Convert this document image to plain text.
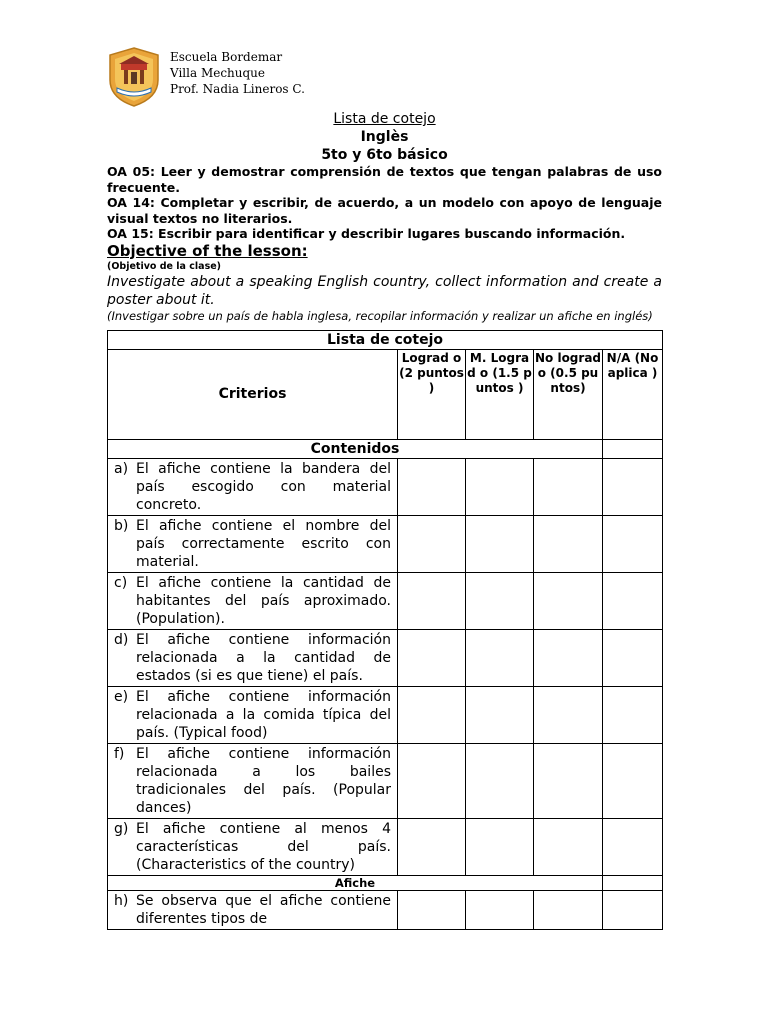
Escuela Bordemar
Villa Mechuque
Prof. Nadia Lineros C.
Lista de cotejo
Inglès
5to y 6to básico

OA 05: Leer y demostrar comprensión de textos que tengan palabras de uso frecuente.

OA 14: Completar y escribir, de acuerdo, a un modelo con apoyo de lenguaje visual textos no literarios.

OA 15: Escribir para identificar y describir lugares buscando información.

Objective of the lesson:
(Objetivo de la clase)
Investigate about a speaking English country, collect information and create a poster about it.
(Investigar sobre un país de habla inglesa, recopilar información y realizar un afiche en inglés)
Lista de cotejo				
Criterios	Lograd o (2 puntos )	M. Lograd o (1.5 puntos )	No logrado (0.5 puntos)	N/A (No aplica )
Contenidos				

a) El afiche contiene la bandera del país escogido con material concreto.				

b) El afiche contiene el nombre del país correctamente escrito con material.				

c) El afiche contiene la cantidad de habitantes del país aproximado. (Population).				

d) El afiche contiene información relacionada a la cantidad de estados (si es que tiene) el país.				

e) El afiche contiene información relacionada a la comida típica del país. (Typical food)				

f) El afiche contiene información relacionada a los bailes tradicionales del país. (Popular dances)				

g) El afiche contiene al menos 4 características del país. (Characteristics of the country)				

Afiche				

h) Se observa que el afiche contiene diferentes tipos de				
